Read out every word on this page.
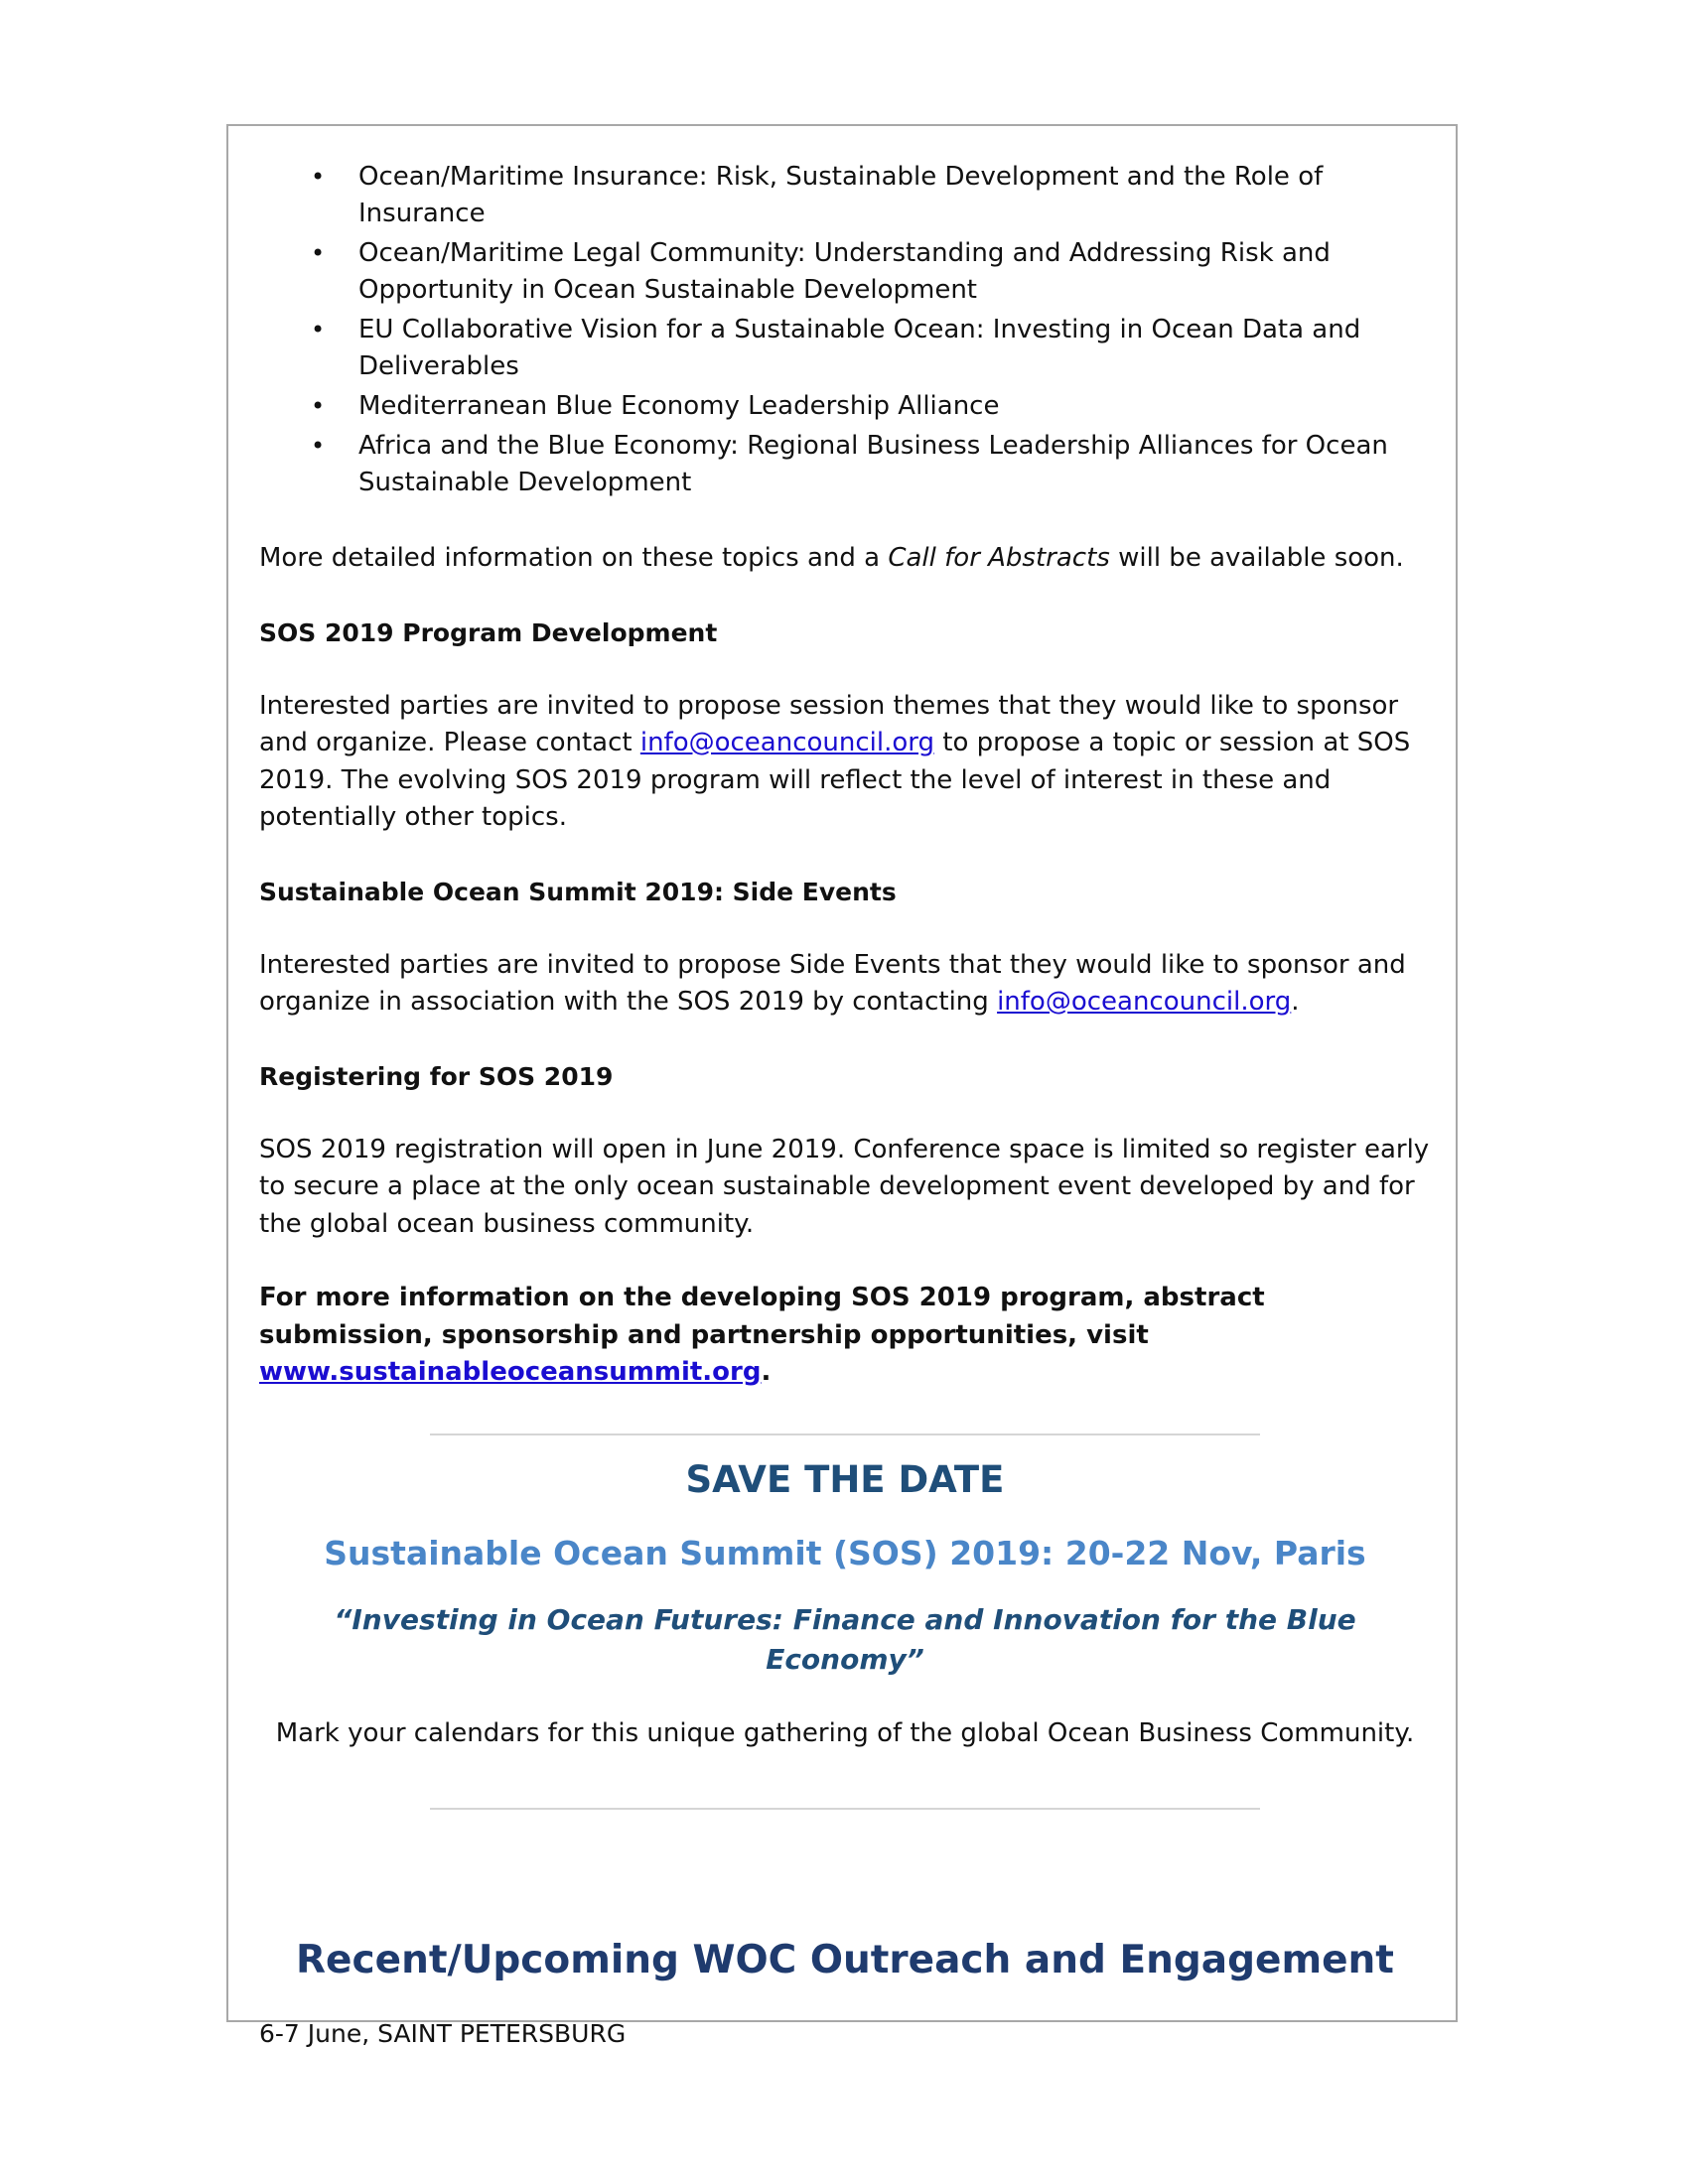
• Ocean/Maritime Insurance: Risk, Sustainable Development and the Role of Insurance
• Ocean/Maritime Legal Community: Understanding and Addressing Risk and Opportunity in Ocean Sustainable Development
• EU Collaborative Vision for a Sustainable Ocean: Investing in Ocean Data and Deliverables
• Mediterranean Blue Economy Leadership Alliance
• Africa and the Blue Economy: Regional Business Leadership Alliances for Ocean Sustainable Development

More detailed information on these topics and a Call for Abstracts will be available soon.

SOS 2019 Program Development

Interested parties are invited to propose session themes that they would like to sponsor and organize. Please contact info@oceancouncil.org to propose a topic or session at SOS 2019. The evolving SOS 2019 program will reflect the level of interest in these and potentially other topics.

Sustainable Ocean Summit 2019: Side Events

Interested parties are invited to propose Side Events that they would like to sponsor and organize in association with the SOS 2019 by contacting info@oceancouncil.org.

Registering for SOS 2019

SOS 2019 registration will open in June 2019. Conference space is limited so register early to secure a place at the only ocean sustainable development event developed by and for the global ocean business community.

For more information on the developing SOS 2019 program, abstract submission, sponsorship and partnership opportunities, visit www.sustainableoceansummit.org.

SAVE THE DATE

Sustainable Ocean Summit (SOS) 2019: 20-22 Nov, Paris

“Investing in Ocean Futures: Finance and Innovation for the Blue Economy”

Mark your calendars for this unique gathering of the global Ocean Business Community.

Recent/Upcoming WOC Outreach and Engagement

6-7 June, SAINT PETERSBURG
